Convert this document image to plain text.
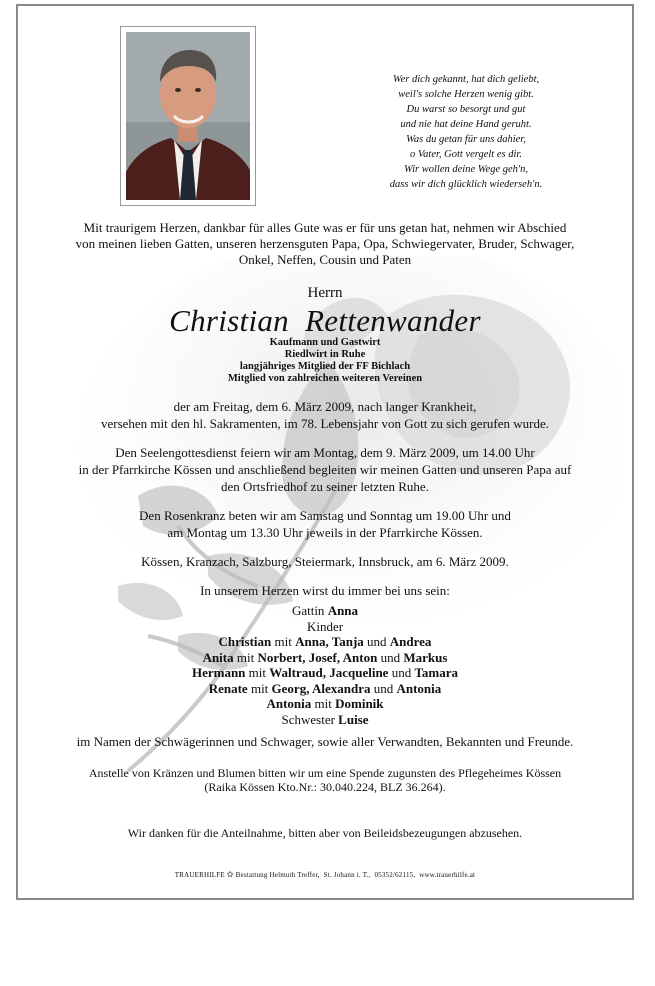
Wer dich gekannt, hat dich geliebt,
weil's solche Herzen wenig gibt.
Du warst so besorgt und gut
und nie hat deine Hand geruht.
Was du getan für uns dahier,
o Vater, Gott vergelt es dir.
Wir wollen deine Wege geh'n,
dass wir dich glücklich wiederseh'n.
Mit traurigem Herzen, dankbar für alles Gute was er für uns getan hat, nehmen wir Abschied
von meinen lieben Gatten, unseren herzensguten Papa, Opa, Schwiegervater, Bruder, Schwager,
Onkel, Neffen, Cousin und Paten
Herrn
Christian  Rettenwander
Kaufmann und Gastwirt
Riedlwirt in Ruhe
langjähriges Mitglied der FF Bichlach
Mitglied von zahlreichen weiteren Vereinen
der am Freitag, dem 6. März 2009, nach langer Krankheit,
versehen mit den hl. Sakramenten, im 78. Lebensjahr von Gott zu sich gerufen wurde.
Den Seelengottesdienst feiern wir am Montag, dem 9. März 2009, um 14.00 Uhr
in der Pfarrkirche Kössen und anschließend begleiten wir meinen Gatten und unseren Papa auf
den Ortsfriedhof zu seiner letzten Ruhe.
Den Rosenkranz beten wir am Samstag und Sonntag um 19.00 Uhr und
am Montag um 13.30 Uhr jeweils in der Pfarrkirche Kössen.
Kössen, Kranzach, Salzburg, Steiermark, Innsbruck, am 6. März 2009.
In unserem Herzen wirst du immer bei uns sein:
Gattin Anna
Kinder
Christian mit Anna, Tanja und Andrea
Anita mit Norbert, Josef, Anton und Markus
Hermann mit Waltraud, Jacqueline und Tamara
Renate mit Georg, Alexandra und Antonia
Antonia mit Dominik
Schwester Luise
im Namen der Schwägerinnen und Schwager, sowie aller Verwandten, Bekannten und Freunde.
Anstelle von Kränzen und Blumen bitten wir um eine Spende zugunsten des Pflegeheimes Kössen
(Raika Kössen Kto.Nr.: 30.040.224, BLZ 36.264).
Wir danken für die Anteilnahme, bitten aber von Beileidsbezeugungen abzusehen.
TRAUERHILFE ✿ Bestattung Helmuth Treffer,  St. Johann i. T.,  05352/62115,  www.trauerhilfe.at
